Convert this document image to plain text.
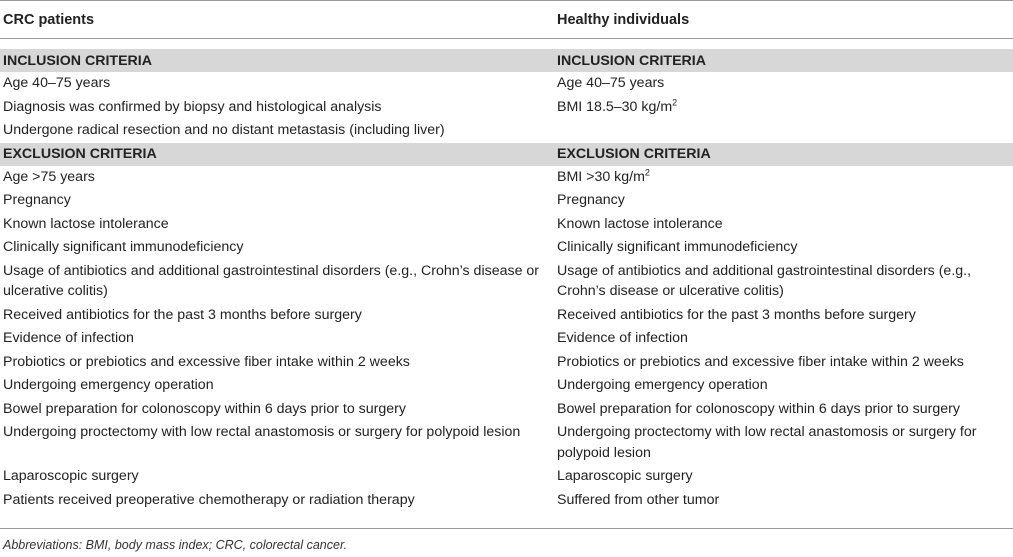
CRC patients	Healthy individuals

INCLUSION CRITERIA	INCLUSION CRITERIA
Age 40–75 years	Age 40–75 years
Diagnosis was confirmed by biopsy and histological analysis	BMI 18.5–30 $kg/m^2$
Undergone radical resection and no distant metastasis (including liver)	
EXCLUSION CRITERIA	EXCLUSION CRITERIA
Age >75 years	BMI >30 $kg/m^2$
Pregnancy	Pregnancy
Known lactose intolerance	Known lactose intolerance
Clinically significant immunodeficiency	Clinically significant immunodeficiency
Usage of antibiotics and additional gastrointestinal disorders (e.g., Crohn’s disease or ulcerative colitis)	Usage of antibiotics and additional gastrointestinal disorders (e.g., Crohn’s disease or ulcerative colitis)
Received antibiotics for the past 3 months before surgery	Received antibiotics for the past 3 months before surgery
Evidence of infection	Evidence of infection
Probiotics or prebiotics and excessive fiber intake within 2 weeks	Probiotics or prebiotics and excessive fiber intake within 2 weeks
Undergoing emergency operation	Undergoing emergency operation
Bowel preparation for colonoscopy within 6 days prior to surgery	Bowel preparation for colonoscopy within 6 days prior to surgery
Undergoing proctectomy with low rectal anastomosis or surgery for polypoid lesion	Undergoing proctectomy with low rectal anastomosis or surgery for polypoid lesion
Laparoscopic surgery	Laparoscopic surgery
Patients received preoperative chemotherapy or radiation therapy	Suffered from other tumor
Abbreviations: BMI, body mass index; CRC, colorectal cancer.
